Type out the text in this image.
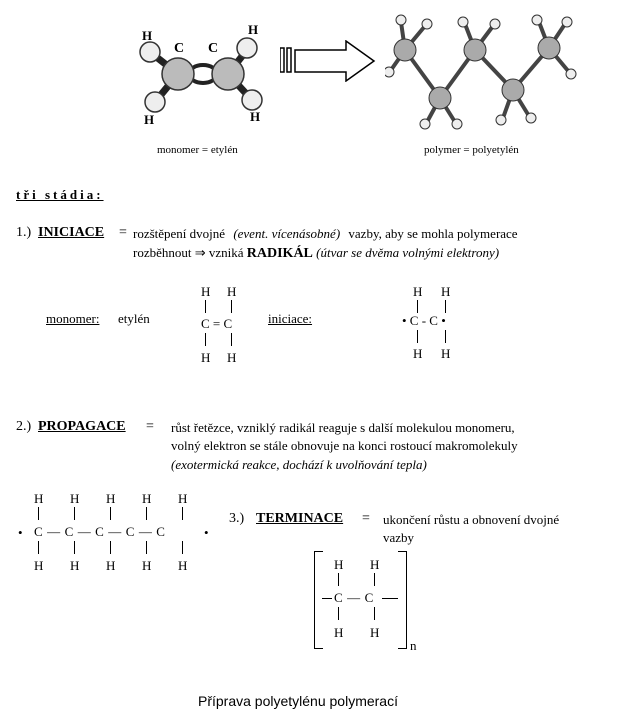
C C
H
H
H
H
monomer = etylén	polymer = polyetylén
tři stádia:
1.) INICIACE = rozštěpení dvojné (event. vícenásobné) vazby, aby se mohla polymerace
rozběhnout ⇒ vzniká RADIKÁL (útvar se dvěma volnými elektrony)
monomer: etylén
H H
C = C
H H
iniciace:
H H
• C - C •
H H
2.) PROPAGACE = růst řetězce, vzniklý radikál reaguje s další molekulou monomeru,
volný elektron se stále obnovuje na konci rostoucí makromolekuly
(exotermická reakce, dochází k uvolňování tepla)
H H H H H
• C — C — C — C — C	•
H H H H H
3.) TERMINACE = ukončení růstu a obnovení dvojné
vazby
H H
C — C
H H
n
Příprava polyetylénu polymerací
